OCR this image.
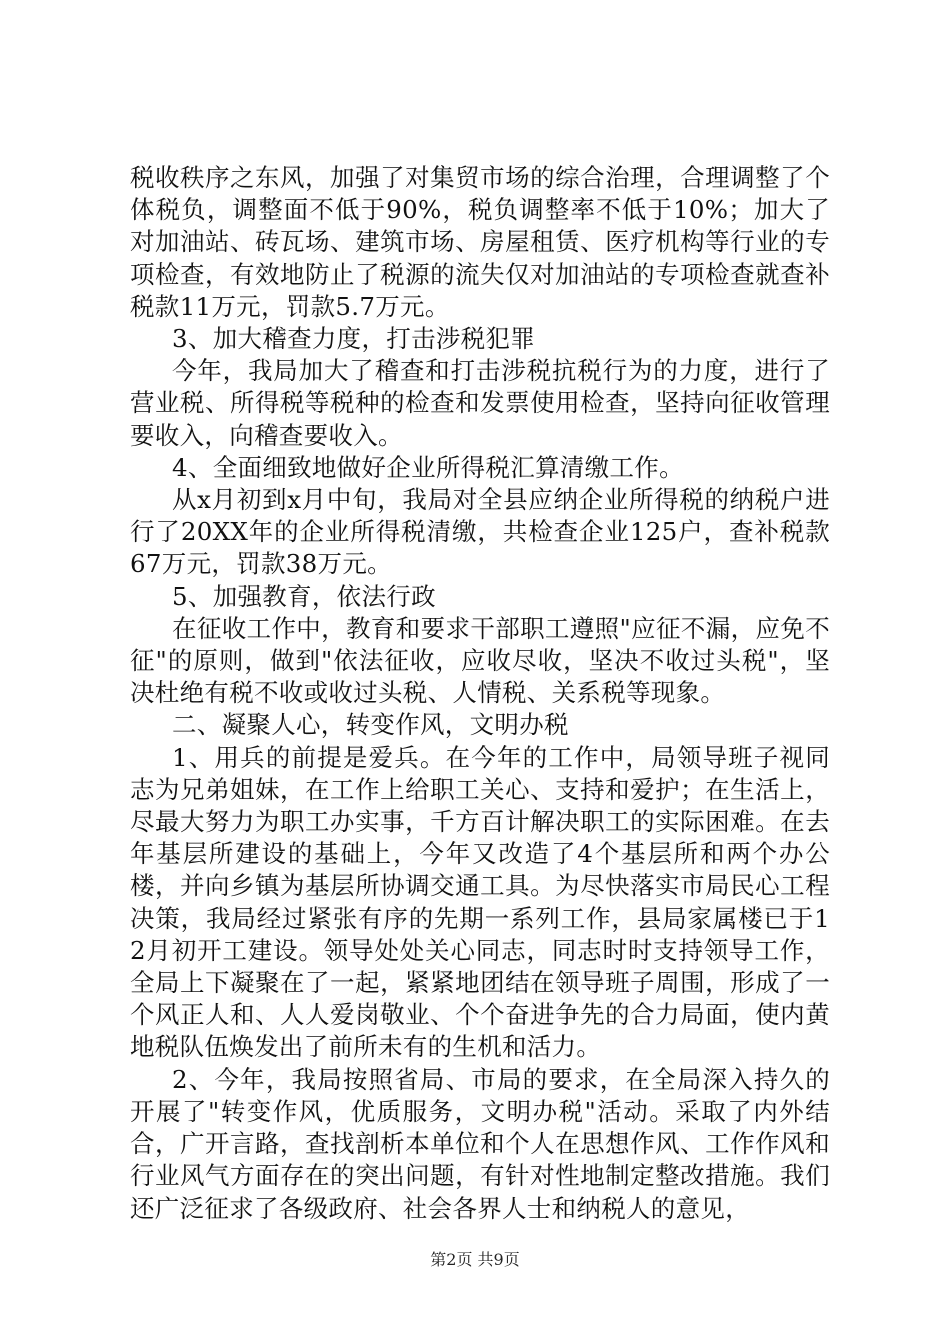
税收秩序之东风，加强了对集贸市场的综合治理，合理调整了个体税负，调整面不低于90%，税负调整率不低于10%；加大了对加油站、砖瓦场、建筑市场、房屋租赁、医疗机构等行业的专项检查，有效地防止了税源的流失仅对加油站的专项检查就查补税款11万元，罚款5.7万元。

3、加大稽查力度，打击涉税犯罪

今年，我局加大了稽查和打击涉税抗税行为的力度，进行了营业税、所得税等税种的检查和发票使用检查，坚持向征收管理要收入，向稽查要收入。

4、全面细致地做好企业所得税汇算清缴工作。

从x月初到x月中旬，我局对全县应纳企业所得税的纳税户进行了20XX年的企业所得税清缴，共检查企业125户，查补税款67万元，罚款38万元。

5、加强教育，依法行政

在征收工作中，教育和要求干部职工遵照"应征不漏，应免不征"的原则，做到"依法征收，应收尽收，坚决不收过头税"，坚决杜绝有税不收或收过头税、人情税、关系税等现象。

二、凝聚人心，转变作风，文明办税

1、用兵的前提是爱兵。在今年的工作中，局领导班子视同志为兄弟姐妹，在工作上给职工关心、支持和爱护；在生活上，尽最大努力为职工办实事，千方百计解决职工的实际困难。在去年基层所建设的基础上，今年又改造了4个基层所和两个办公楼，并向乡镇为基层所协调交通工具。为尽快落实市局民心工程决策，我局经过紧张有序的先期一系列工作，县局家属楼已于12月初开工建设。领导处处关心同志，同志时时支持领导工作，全局上下凝聚在了一起，紧紧地团结在领导班子周围，形成了一个风正人和、人人爱岗敬业、个个奋进争先的合力局面，使内黄地税队伍焕发出了前所未有的生机和活力。

2、今年，我局按照省局、市局的要求，在全局深入持久的开展了"转变作风，优质服务，文明办税"活动。采取了内外结合，广开言路，查找剖析本单位和个人在思想作风、工作作风和行业风气方面存在的突出问题，有针对性地制定整改措施。我们还广泛征求了各级政府、社会各界人士和纳税人的意见，

第2页 共9页
